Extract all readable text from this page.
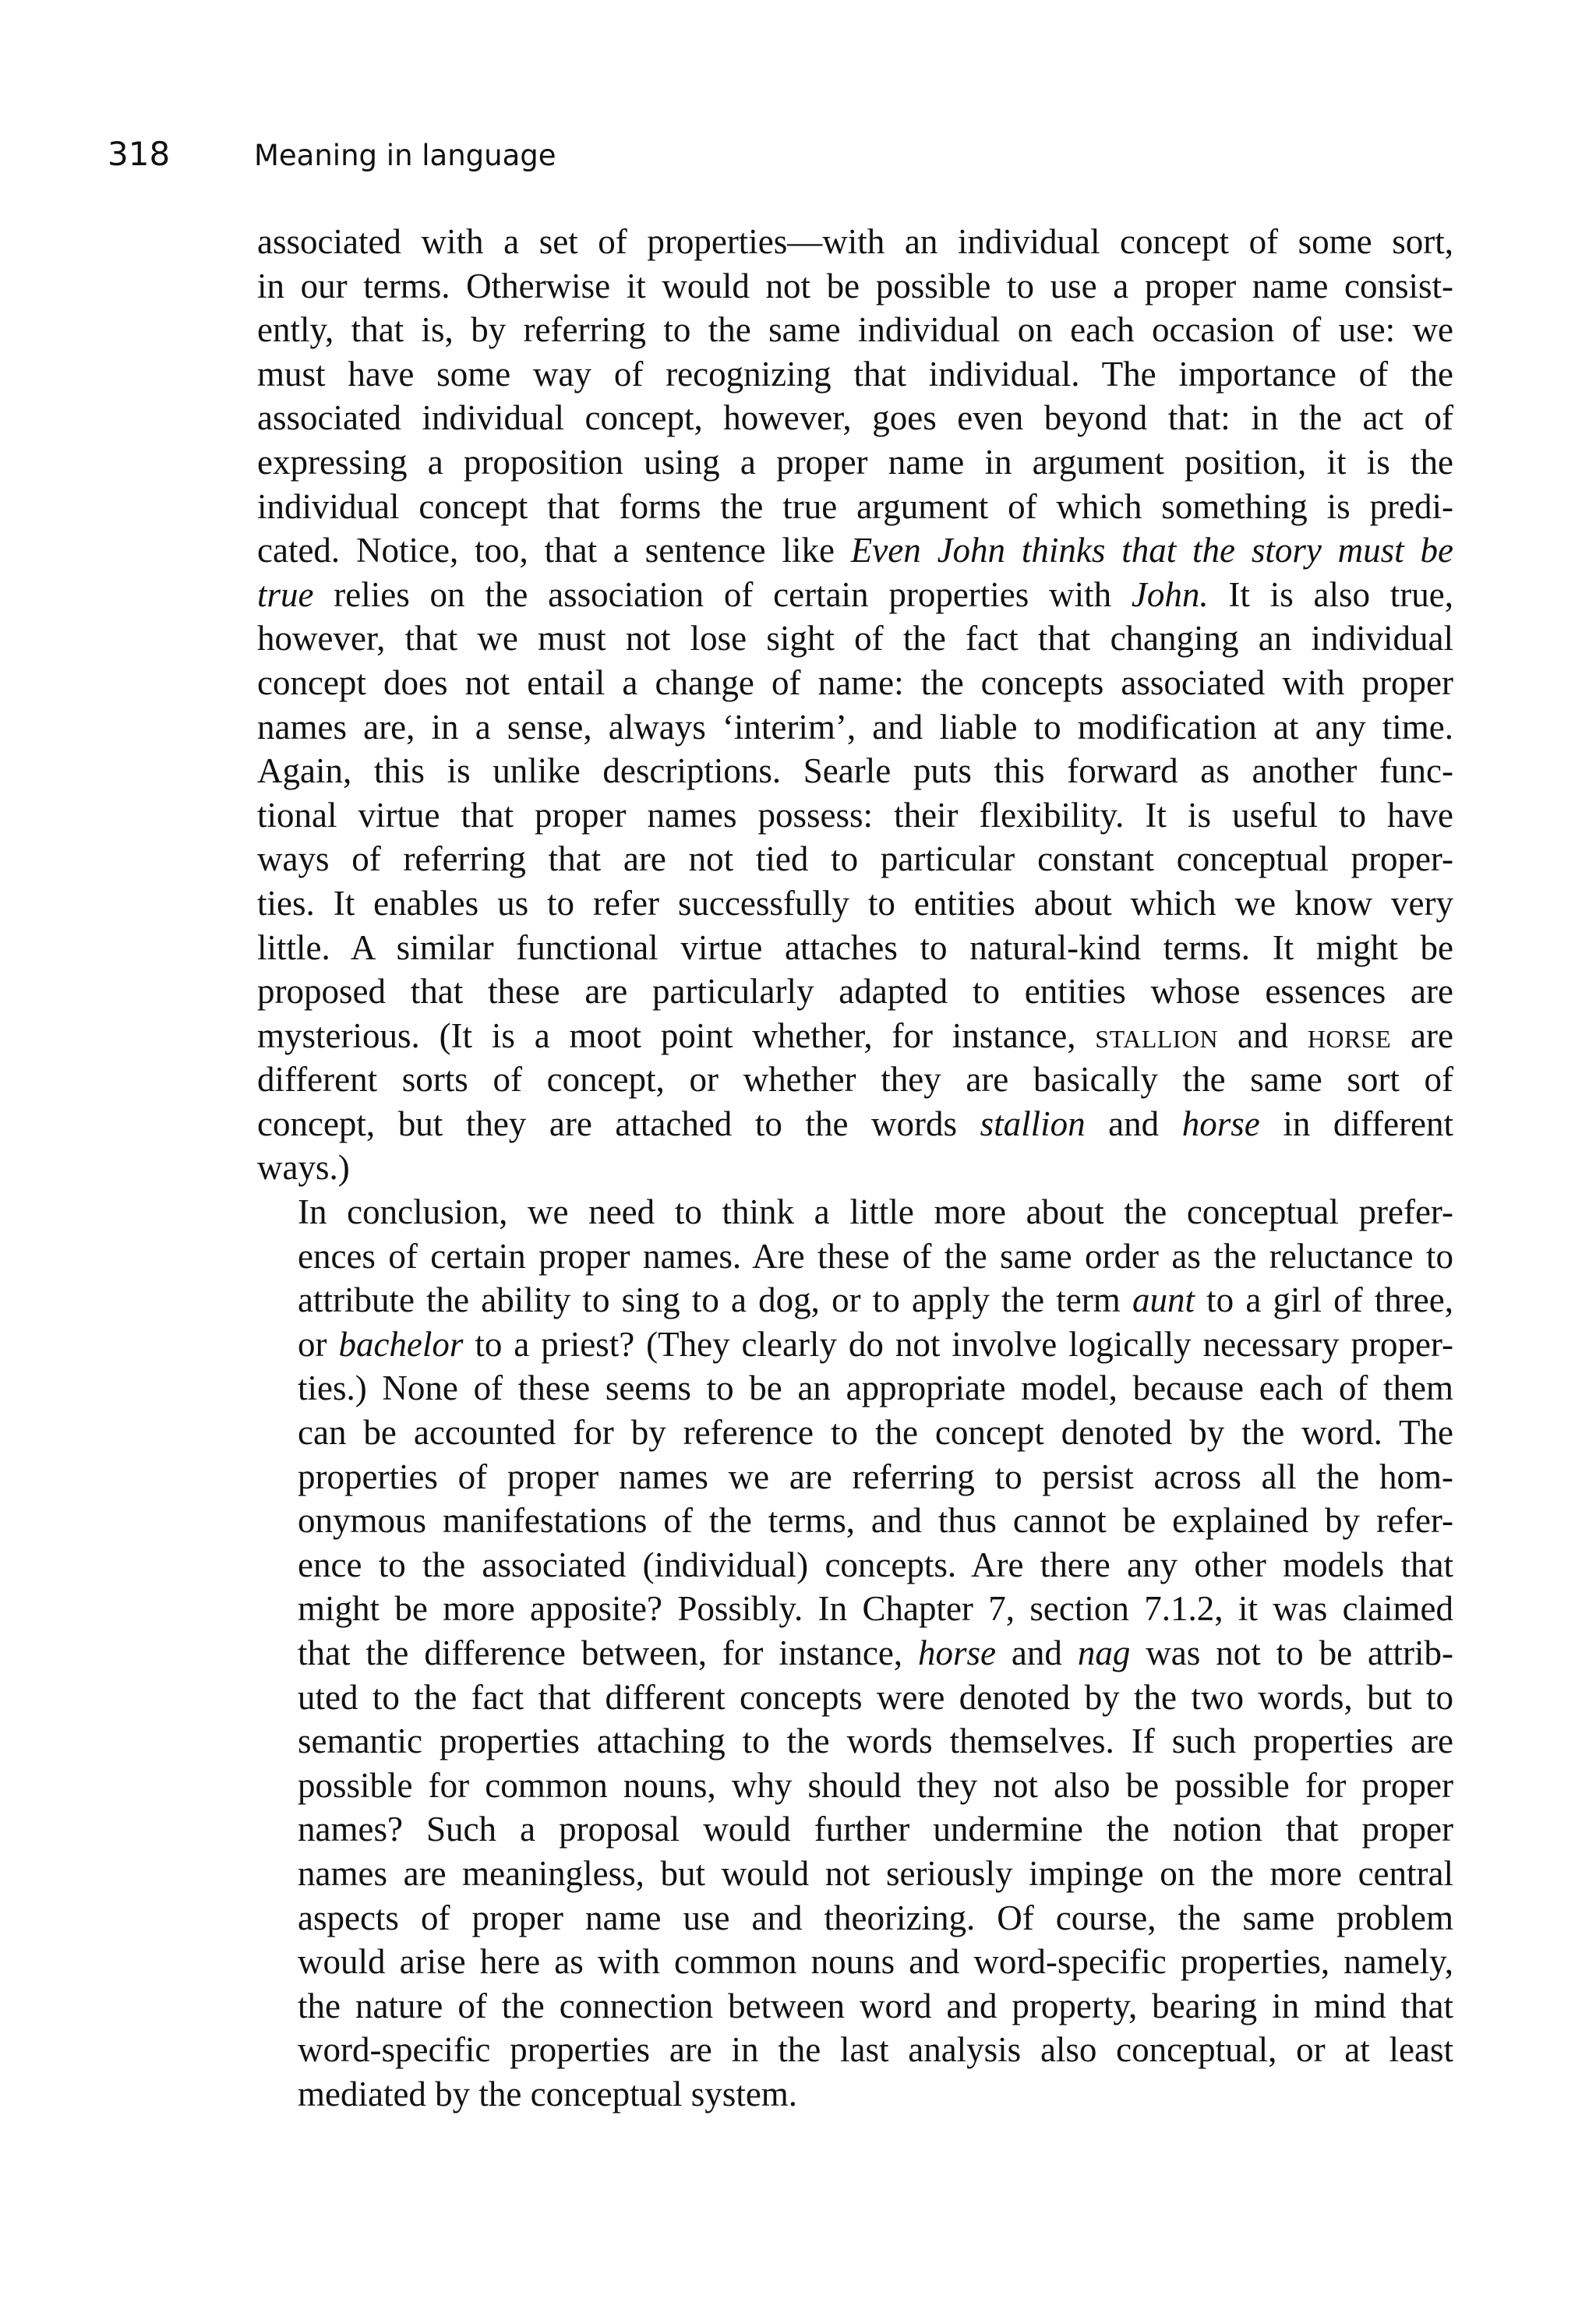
318	Meaning in language

associated with a set of properties—with an individual concept of some sort,
in our terms. Otherwise it would not be possible to use a proper name consist-
ently, that is, by referring to the same individual on each occasion of use: we
must have some way of recognizing that individual. The importance of the
associated individual concept, however, goes even beyond that: in the act of
expressing a proposition using a proper name in argument position, it is the
individual concept that forms the true argument of which something is predi-
cated. Notice, too, that a sentence like Even John thinks that the story must be
true relies on the association of certain properties with John. It is also true,
however, that we must not lose sight of the fact that changing an individual
concept does not entail a change of name: the concepts associated with proper
names are, in a sense, always ‘interim’, and liable to modification at any time.
Again, this is unlike descriptions. Searle puts this forward as another func-
tional virtue that proper names possess: their flexibility. It is useful to have
ways of referring that are not tied to particular constant conceptual proper-
ties. It enables us to refer successfully to entities about which we know very
little. A similar functional virtue attaches to natural-kind terms. It might be
proposed that these are particularly adapted to entities whose essences are
mysterious. (It is a moot point whether, for instance, stallion and horse are
different sorts of concept, or whether they are basically the same sort of
concept, but they are attached to the words stallion and horse in different
ways.)

In conclusion, we need to think a little more about the conceptual prefer-
ences of certain proper names. Are these of the same order as the reluctance to
attribute the ability to sing to a dog, or to apply the term aunt to a girl of three,
or bachelor to a priest? (They clearly do not involve logically necessary proper-
ties.) None of these seems to be an appropriate model, because each of them
can be accounted for by reference to the concept denoted by the word. The
properties of proper names we are referring to persist across all the hom-
onymous manifestations of the terms, and thus cannot be explained by refer-
ence to the associated (individual) concepts. Are there any other models that
might be more apposite? Possibly. In Chapter 7, section 7.1.2, it was claimed
that the difference between, for instance, horse and nag was not to be attrib-
uted to the fact that different concepts were denoted by the two words, but to
semantic properties attaching to the words themselves. If such properties are
possible for common nouns, why should they not also be possible for proper
names? Such a proposal would further undermine the notion that proper
names are meaningless, but would not seriously impinge on the more central
aspects of proper name use and theorizing. Of course, the same problem
would arise here as with common nouns and word-specific properties, namely,
the nature of the connection between word and property, bearing in mind that
word-specific properties are in the last analysis also conceptual, or at least
mediated by the conceptual system.
